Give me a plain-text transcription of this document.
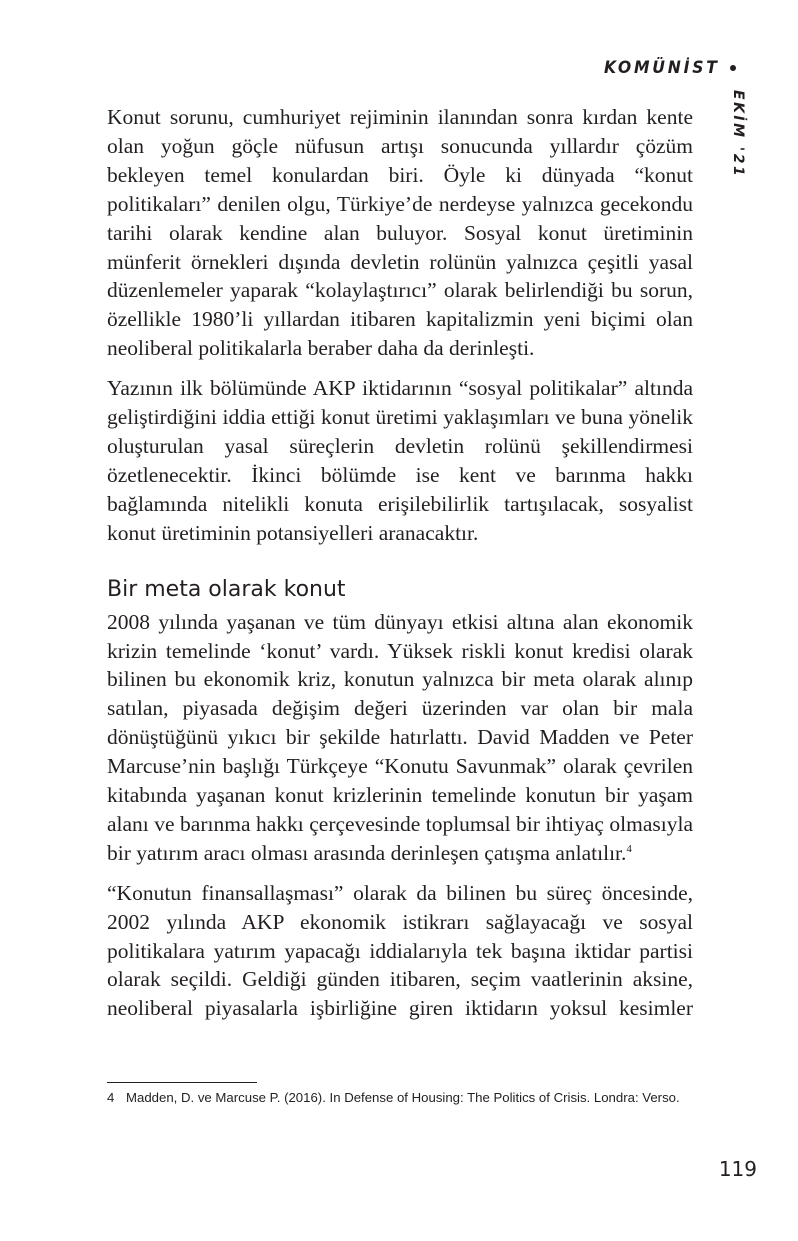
KOMÜNİST
EKİM '21

Konut sorunu, cumhuriyet rejiminin ilanından sonra kırdan kente olan yoğun göçle nüfusun artışı sonucunda yıllardır çözüm bekleyen temel konulardan biri. Öyle ki dünyada “konut politikaları” denilen olgu, Türkiye’de nerdeyse yalnızca gecekondu tarihi olarak kendine alan buluyor. Sosyal konut üretiminin münferit örnekleri dışında devletin rolünün yalnızca çeşitli yasal düzenlemeler yaparak “kolaylaştırıcı” olarak belirlendiği bu sorun, özellikle 1980’li yıllardan itibaren kapitalizmin yeni biçimi olan neoliberal politikalarla beraber daha da derinleşti.

Yazının ilk bölümünde AKP iktidarının “sosyal politikalar” altında geliştirdiğini iddia ettiği konut üretimi yaklaşımları ve buna yönelik oluşturulan yasal süreçlerin devletin rolünü şekillendirmesi özetlenecektir. İkinci bölümde ise kent ve barınma hakkı bağlamında nitelikli konuta erişilebilirlik tartışılacak, sosyalist konut üretiminin potansiyelleri aranacaktır.

Bir meta olarak konut

2008 yılında yaşanan ve tüm dünyayı etkisi altına alan ekonomik krizin temelinde ‘konut’ vardı. Yüksek riskli konut kredisi olarak bilinen bu ekonomik kriz, konutun yalnızca bir meta olarak alınıp satılan, piyasada değişim değeri üzerinden var olan bir mala dönüştüğünü yıkıcı bir şekilde hatırlattı. David Madden ve Peter Marcuse’nin başlığı Türkçeye “Konutu Savunmak” olarak çevrilen kitabında yaşanan konut krizlerinin temelinde konutun bir yaşam alanı ve barınma hakkı çerçevesinde toplumsal bir ihtiyaç olmasıyla bir yatırım aracı olması arasında derinleşen çatışma anlatılır.$^4$

“Konutun finansallaşması” olarak da bilinen bu süreç öncesinde, 2002 yılında AKP ekonomik istikrarı sağlayacağı ve sosyal politikalara yatırım yapacağı iddialarıyla tek başına iktidar partisi olarak seçildi. Geldiği günden itibaren, seçim vaatlerinin aksine, neoliberal piyasalarla işbirliğine giren iktidarın yoksul kesimler

4 Madden, D. ve Marcuse P. (2016). In Defense of Housing: The Politics of Crisis. Londra: Verso.

119
